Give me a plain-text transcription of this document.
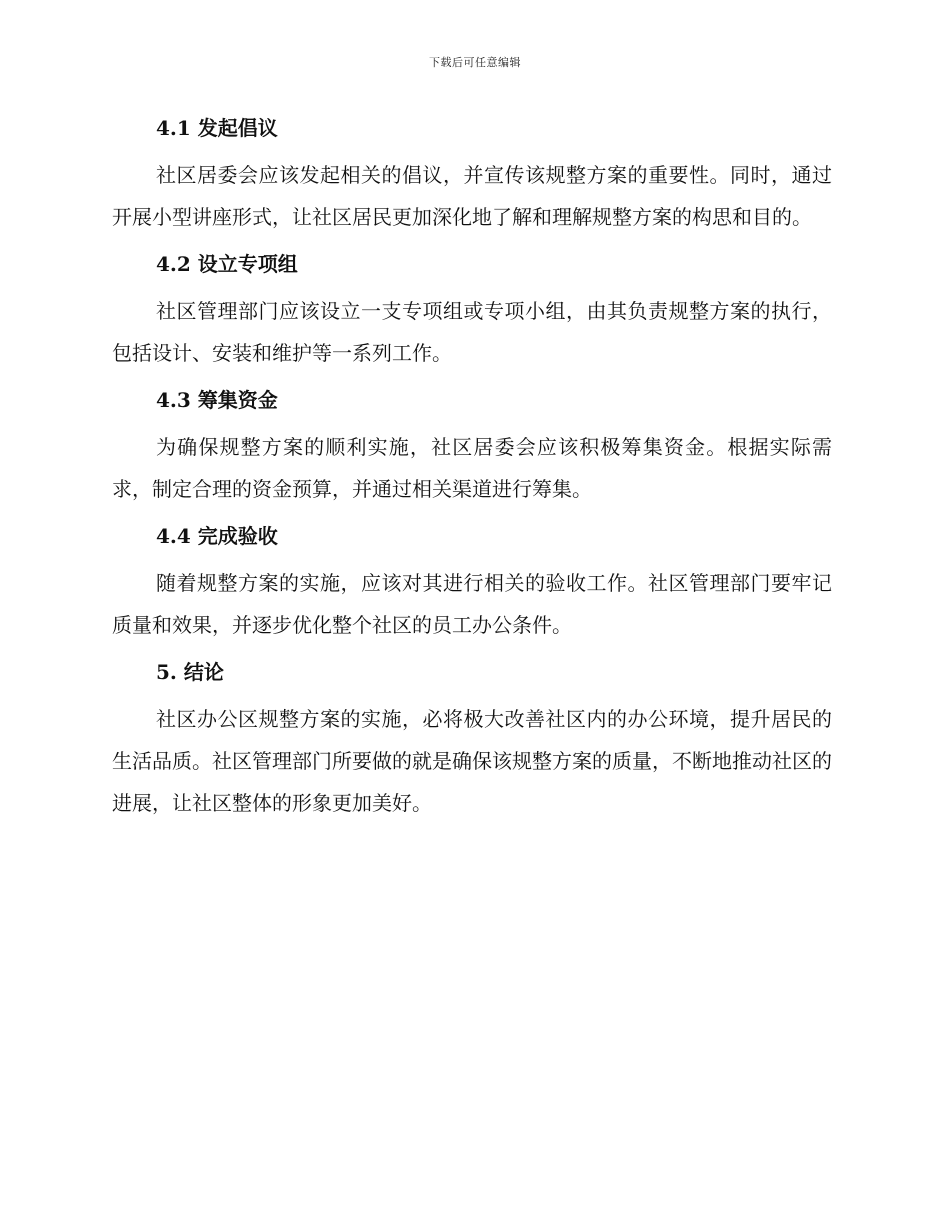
下载后可任意编辑
4.1 发起倡议
社区居委会应该发起相关的倡议，并宣传该规整方案的重要性。同时，通过开展小型讲座形式，让社区居民更加深化地了解和理解规整方案的构思和目的。
4.2 设立专项组
社区管理部门应该设立一支专项组或专项小组，由其负责规整方案的执行，包括设计、安装和维护等一系列工作。
4.3 筹集资金
为确保规整方案的顺利实施，社区居委会应该积极筹集资金。根据实际需求，制定合理的资金预算，并通过相关渠道进行筹集。
4.4 完成验收
随着规整方案的实施，应该对其进行相关的验收工作。社区管理部门要牢记质量和效果，并逐步优化整个社区的员工办公条件。
5. 结论
社区办公区规整方案的实施，必将极大改善社区内的办公环境，提升居民的生活品质。社区管理部门所要做的就是确保该规整方案的质量，不断地推动社区的进展，让社区整体的形象更加美好。
